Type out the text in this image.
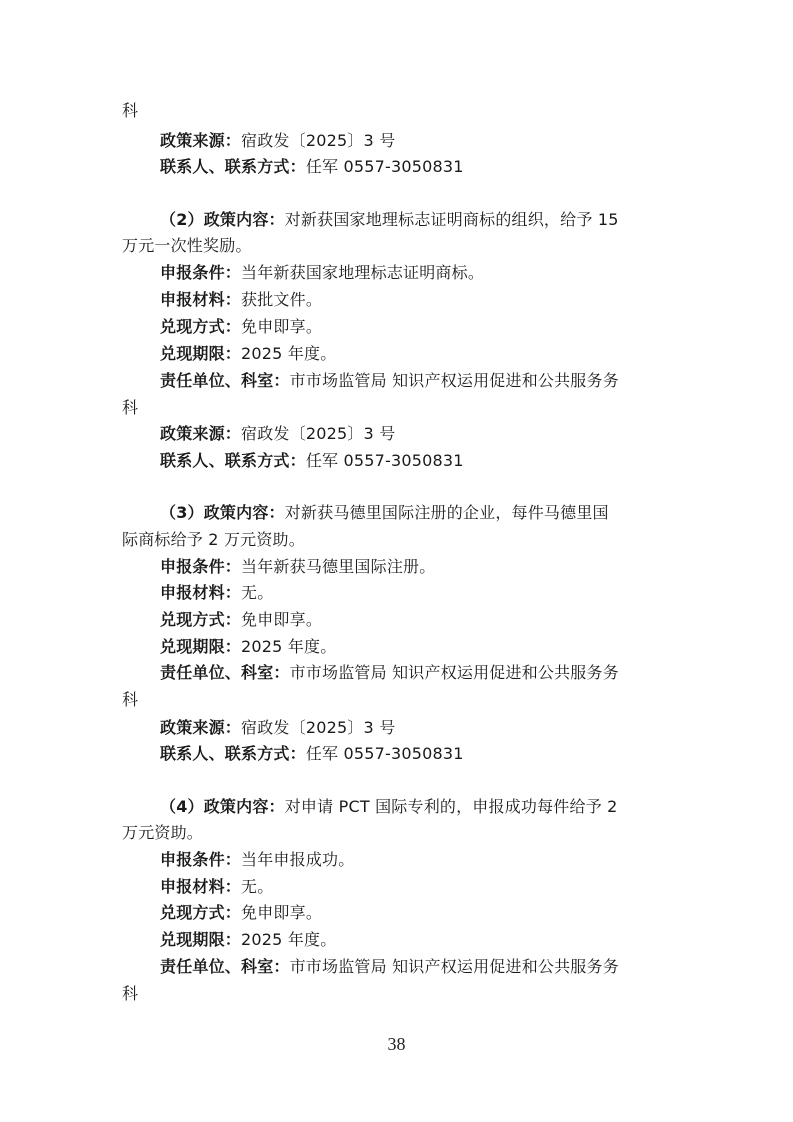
科
政策来源：宿政发〔2025〕3 号
联系人、联系方式：任军 0557-3050831
（2）政策内容：对新获国家地理标志证明商标的组织，给予 15
万元一次性奖励。
申报条件：当年新获国家地理标志证明商标。
申报材料：获批文件。
兑现方式：免申即享。
兑现期限：2025 年度。
责任单位、科室：市市场监管局 知识产权运用促进和公共服务务
科
政策来源：宿政发〔2025〕3 号
联系人、联系方式：任军 0557-3050831
（3）政策内容：对新获马德里国际注册的企业，每件马德里国
际商标给予 2 万元资助。
申报条件：当年新获马德里国际注册。
申报材料：无。
兑现方式：免申即享。
兑现期限：2025 年度。
责任单位、科室：市市场监管局 知识产权运用促进和公共服务务
科
政策来源：宿政发〔2025〕3 号
联系人、联系方式：任军 0557-3050831
（4）政策内容：对申请 PCT 国际专利的，申报成功每件给予 2
万元资助。
申报条件：当年申报成功。
申报材料：无。
兑现方式：免申即享。
兑现期限：2025 年度。
责任单位、科室：市市场监管局 知识产权运用促进和公共服务务
科
38
